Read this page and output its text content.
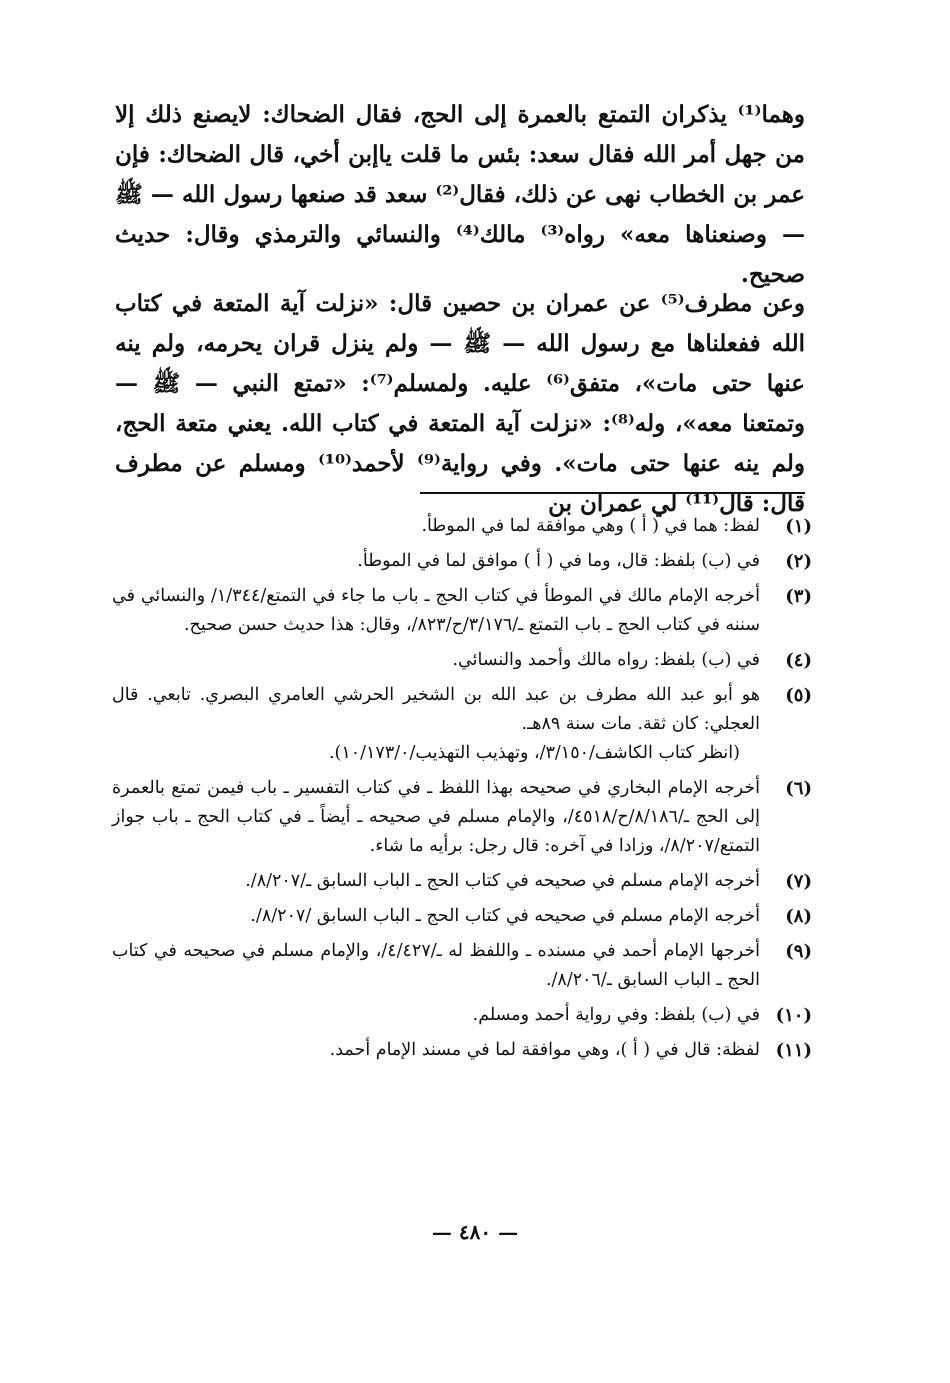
وهما⁽¹⁾ يذكران التمتع بالعمرة إلى الحج، فقال الضحاك: لايصنع ذلك إلا من جهل أمر الله فقال سعد: بئس ما قلت ياإبن أخي، قال الضحاك: فإن عمر بن الخطاب نهى عن ذلك، فقال⁽²⁾ سعد قد صنعها رسول الله — ﷺ — وصنعناها معه» رواه⁽³⁾ مالك⁽⁴⁾ والنسائي والترمذي وقال: حديث صحيح.
وعن مطرف⁽⁵⁾ عن عمران بن حصين قال: «نزلت آية المتعة في كتاب الله ففعلناها مع رسول الله — ﷺ — ولم ينزل قران يحرمه، ولم ينه عنها حتى مات»، متفق⁽⁶⁾ عليه. ولمسلم⁽⁷⁾: «تمتع النبي — ﷺ — وتمتعنا معه»، وله⁽⁸⁾: «نزلت آية المتعة في كتاب الله. يعني متعة الحج، ولم ينه عنها حتى مات». وفي رواية⁽⁹⁾ لأحمد⁽¹⁰⁾ ومسلم عن مطرف قال: قال⁽¹¹⁾ لي عمران بن
(١)
لفظ: هما في ( أ ) وهي موافقة لما في الموطأ.
(٢)
في (ب) بلفظ: قال، وما في ( أ ) موافق لما في الموطأ.
(٣)
أخرجه الإمام مالك في الموطأ في كتاب الحج ـ باب ما جاء في التمتع/١/٣٤٤/ والنسائي في سننه في كتاب الحج ـ باب التمتع ـ/٣/١٧٦/ح/٨٢٣/، وقال: هذا حديث حسن صحيح.
(٤)
في (ب) بلفظ: رواه مالك وأحمد والنسائي.
(٥)
هو أبو عبد الله مطرف بن عبد الله بن الشخير الحرشي العامري البصري. تابعي. قال العجلي: كان ثقة. مات سنة ٨٩هـ.
(انظر كتاب الكاشف/٣/١٥٠/، وتهذيب التهذيب/١٠/١٧٣/٠).
(٦)
أخرجه الإمام البخاري في صحيحه بهذا اللفظ ـ في كتاب التفسير ـ باب فيمن تمتع بالعمرة إلى الحج ـ/٨/١٨٦/ح/٤٥١٨/، والإمام مسلم في صحيحه ـ أيضاً ـ في كتاب الحج ـ باب جواز التمتع/٨/٢٠٧/، وزادا في آخره: قال رجل: برأيه ما شاء.
(٧)
أخرجه الإمام مسلم في صحيحه في كتاب الحج ـ الباب السابق ـ/٨/٢٠٧/.
(٨)
أخرجه الإمام مسلم في صحيحه في كتاب الحج ـ الباب السابق /٨/٢٠٧/.
(٩)
أخرجها الإمام أحمد في مسنده ـ واللفظ له ـ/٤/٤٢٧/، والإمام مسلم في صحيحه في كتاب الحج ـ الباب السابق ـ/٨/٢٠٦/.
(١٠)
في (ب) بلفظ: وفي رواية أحمد ومسلم.
(١١)
لفظة: قال في ( أ )، وهي موافقة لما في مسند الإمام أحمد.
— ٤٨٠ —
